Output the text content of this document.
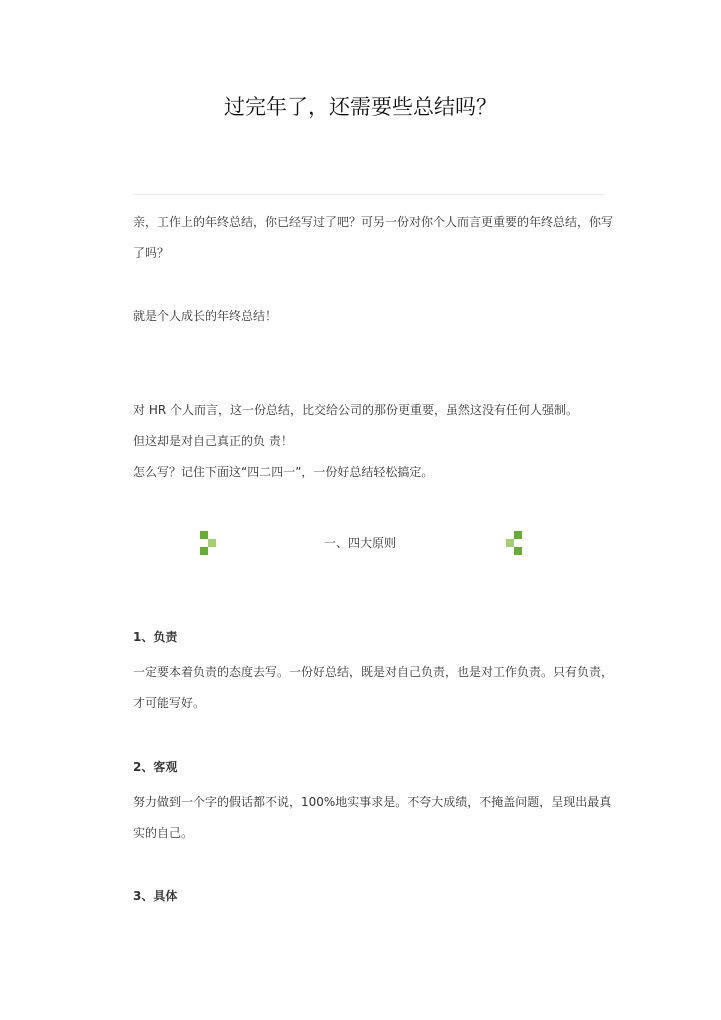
过完年了，还需要些总结吗？

亲，工作上的年终总结，你已经写过了吧？可另一份对你个人而言更重要的年终总结，你写了吗？

就是个人成长的年终总结！

对 HR 个人而言，这一份总结，比交给公司的那份更重要，虽然这没有任何人强制。

但这却是对自己真正的负 责！

怎么写？记住下面这“四二四一”，一份好总结轻松搞定。

一、四大原则
1、负责

一定要本着负责的态度去写。一份好总结，既是对自己负责，也是对工作负责。只有负责，才可能写好。

2、客观

努力做到一个字的假话都不说，100%地实事求是。不夸大成绩，不掩盖问题，呈现出最真实的自己。

3、具体
